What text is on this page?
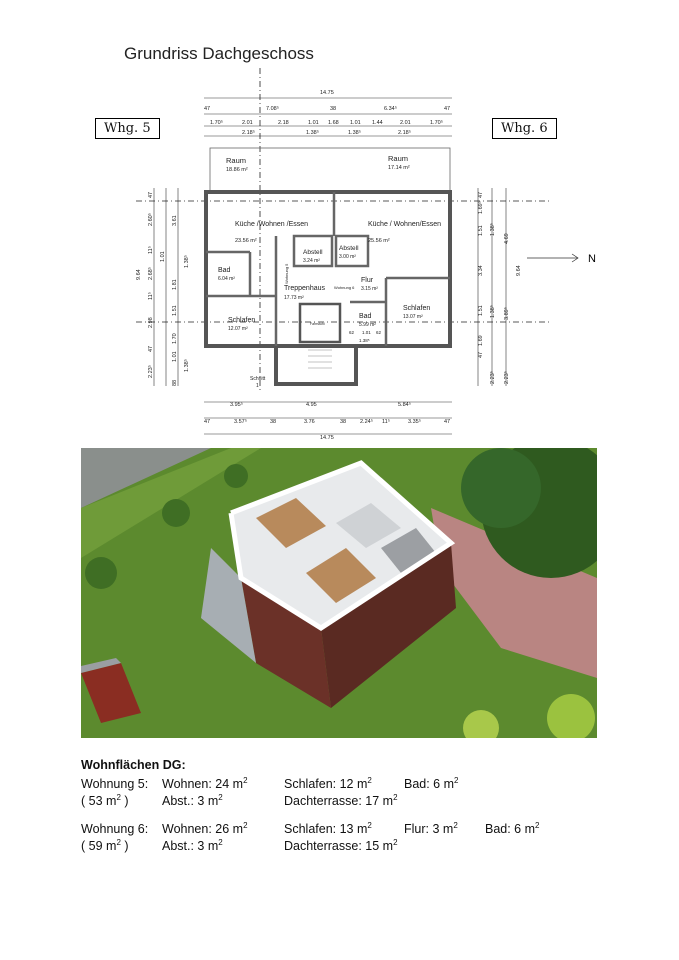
N
14.75
7.08⁵	38	6.34⁵
47	47
1.70⁵	2.01	2.18	1.01 1.68 1.01 1.44	2.01	1.70⁵
2.18⁵	1.38⁵	1.38⁵	2.18⁵
3.95⁵	4.95	5.84⁵
47	3.57⁵	38	3.76	38	2.24⁵ 11⁵	3.35⁵	47
14.75
47
2.60⁵	3.61
11⁵
1.01
2.68⁵
1.81
1.38⁵
11⁵
1.51
2.98
1.70
47
1.01
1.38⁵
2.23⁵
88
9.64
47
1.69⁵
1.51 1.38⁵
4.69
3.34	9.64
1.51 1.38⁵ 3.89⁵
1.69
47
2.23⁵ 2.23⁵
Raum
18.86 m²
Raum
17.14 m²
Küche /Wohnen /Essen
23.56 m²
Küche / Wohnen/Essen
25.56 m²
Abstell
3.24 m²
Abstell
3.00 m²
Bad
6.04 m²
Treppenhaus
17.73 m²
Flur
3.15 m²
Schlafen
13.07 m²
Bad
5.99 m²
Schlafen
12.07 m²
Wohnung 5
Wohnung 6
Schnitt
1
62 1.01 62
1.38⁵
Fahrstuhl
Grundriss Dachgeschoss
Whg. 5	Whg. 6
Wohnflächen DG:
Wohnung 5: Wohnen: 24 $m^2$	Schlafen: 12 $m^2$	Bad: 6 $m^2$
( 53 $m^2$ )	Abst.: 3 $m^2$	Dachterrasse: 17 $m^2$
Wohnung 6: Wohnen: 26 $m^2$	Schlafen: 13 $m^2$	Flur: 3 $m^2$ Bad: 6 $m^2$
( 59 $m^2$ )	Abst.: 3 $m^2$	Dachterrasse: 15 $m^2$
